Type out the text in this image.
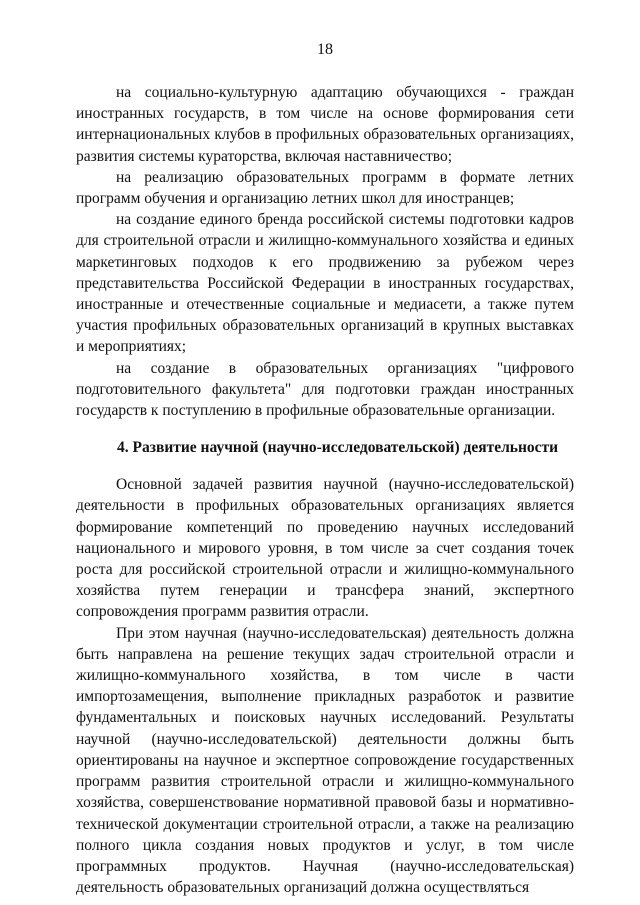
18

на социально-культурную адаптацию обучающихся - граждан иностранных государств, в том числе на основе формирования сети интернациональных клубов в профильных образовательных организациях, развития системы кураторства, включая наставничество;

на реализацию образовательных программ в формате летних программ обучения и организацию летних школ для иностранцев;

на создание единого бренда российской системы подготовки кадров для строительной отрасли и жилищно-коммунального хозяйства и единых маркетинговых подходов к его продвижению за рубежом через представительства Российской Федерации в иностранных государствах, иностранные и отечественные социальные и медиасети, а также путем участия профильных образовательных организаций в крупных выставках и мероприятиях;

на создание в образовательных организациях "цифрового подготовительного факультета" для подготовки граждан иностранных государств к поступлению в профильные образовательные организации.

4. Развитие научной (научно-исследовательской) деятельности

Основной задачей развития научной (научно-исследовательской) деятельности в профильных образовательных организациях является формирование компетенций по проведению научных исследований национального и мирового уровня, в том числе за счет создания точек роста для российской строительной отрасли и жилищно-коммунального хозяйства путем генерации и трансфера знаний, экспертного сопровождения программ развития отрасли.

При этом научная (научно-исследовательская) деятельность должна быть направлена на решение текущих задач строительной отрасли и жилищно-коммунального хозяйства, в том числе в части импортозамещения, выполнение прикладных разработок и развитие фундаментальных и поисковых научных исследований. Результаты научной (научно-исследовательской) деятельности должны быть ориентированы на научное и экспертное сопровождение государственных программ развития строительной отрасли и жилищно-коммунального хозяйства, совершенствование нормативной правовой базы и нормативно-технической документации строительной отрасли, а также на реализацию полного цикла создания новых продуктов и услуг, в том числе программных продуктов. Научная (научно-исследовательская) деятельность образовательных организаций должна осуществляться
